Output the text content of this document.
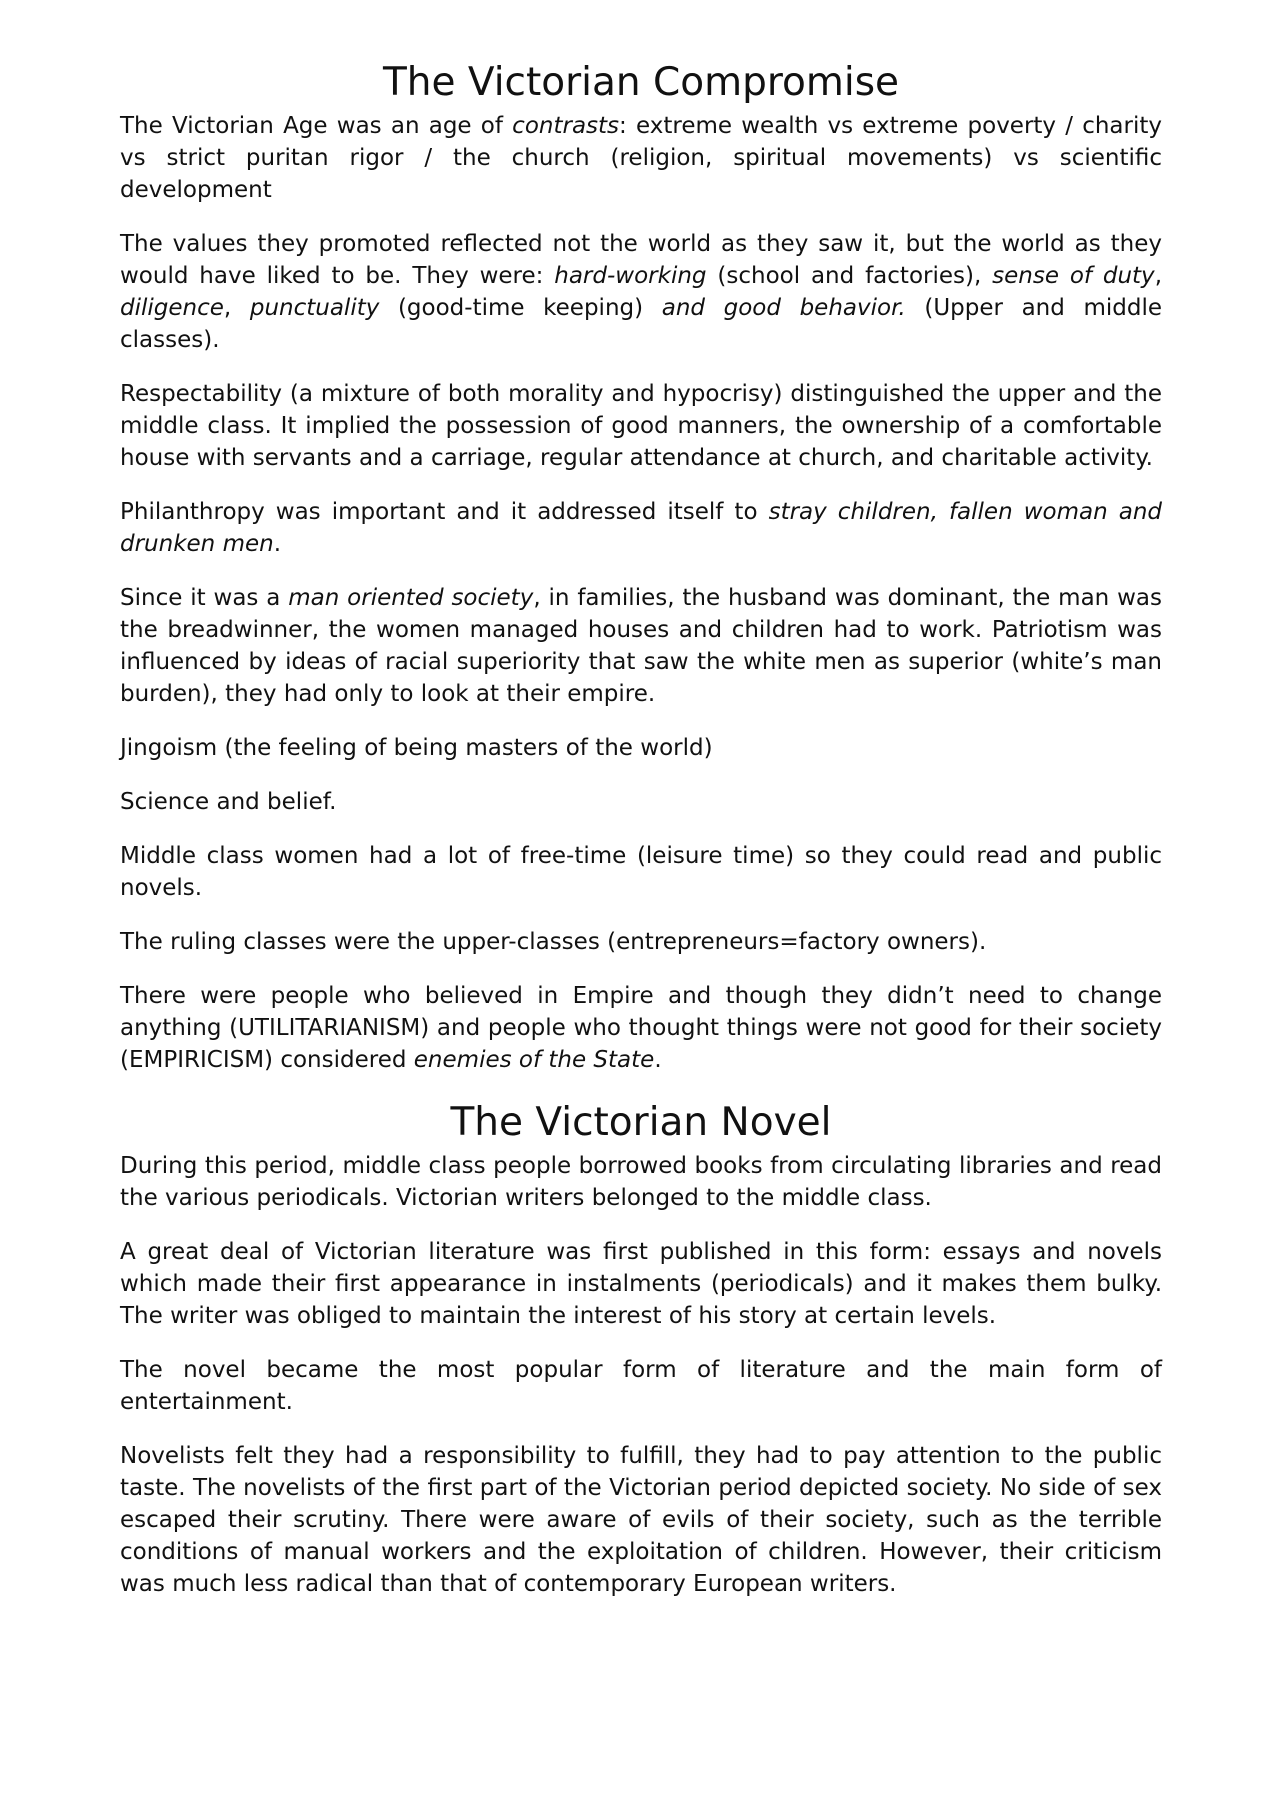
The Victorian Compromise

The Victorian Age was an age of contrasts: extreme wealth vs extreme poverty / charity vs strict puritan rigor / the church (religion, spiritual movements) vs scientific development

The values they promoted reflected not the world as they saw it, but the world as they would have liked to be. They were: hard-working (school and factories), sense of duty, diligence, punctuality (good-time keeping) and good behavior. (Upper and middle classes).

Respectability (a mixture of both morality and hypocrisy) distinguished the upper and the middle class. It implied the possession of good manners, the ownership of a comfortable house with servants and a carriage, regular attendance at church, and charitable activity.

Philanthropy was important and it addressed itself to stray children, fallen woman and drunken men.

Since it was a man oriented society, in families, the husband was dominant, the man was the breadwinner, the women managed houses and children had to work. Patriotism was influenced by ideas of racial superiority that saw the white men as superior (white’s man burden), they had only to look at their empire.

Jingoism (the feeling of being masters of the world)

Science and belief.

Middle class women had a lot of free-time (leisure time) so they could read and public novels.

The ruling classes were the upper-classes (entrepreneurs=factory owners).

There were people who believed in Empire and though they didn’t need to change anything (UTILITARIANISM) and people who thought things were not good for their society (EMPIRICISM) considered enemies of the State.

The Victorian Novel

During this period, middle class people borrowed books from circulating libraries and read the various periodicals. Victorian writers belonged to the middle class.

A great deal of Victorian literature was first published in this form: essays and novels which made their first appearance in instalments (periodicals) and it makes them bulky. The writer was obliged to maintain the interest of his story at certain levels.

The novel became the most popular form of literature and the main form of entertainment.

Novelists felt they had a responsibility to fulfill, they had to pay attention to the public taste. The novelists of the first part of the Victorian period depicted society. No side of sex escaped their scrutiny. There were aware of evils of their society, such as the terrible conditions of manual workers and the exploitation of children. However, their criticism was much less radical than that of contemporary European writers.
